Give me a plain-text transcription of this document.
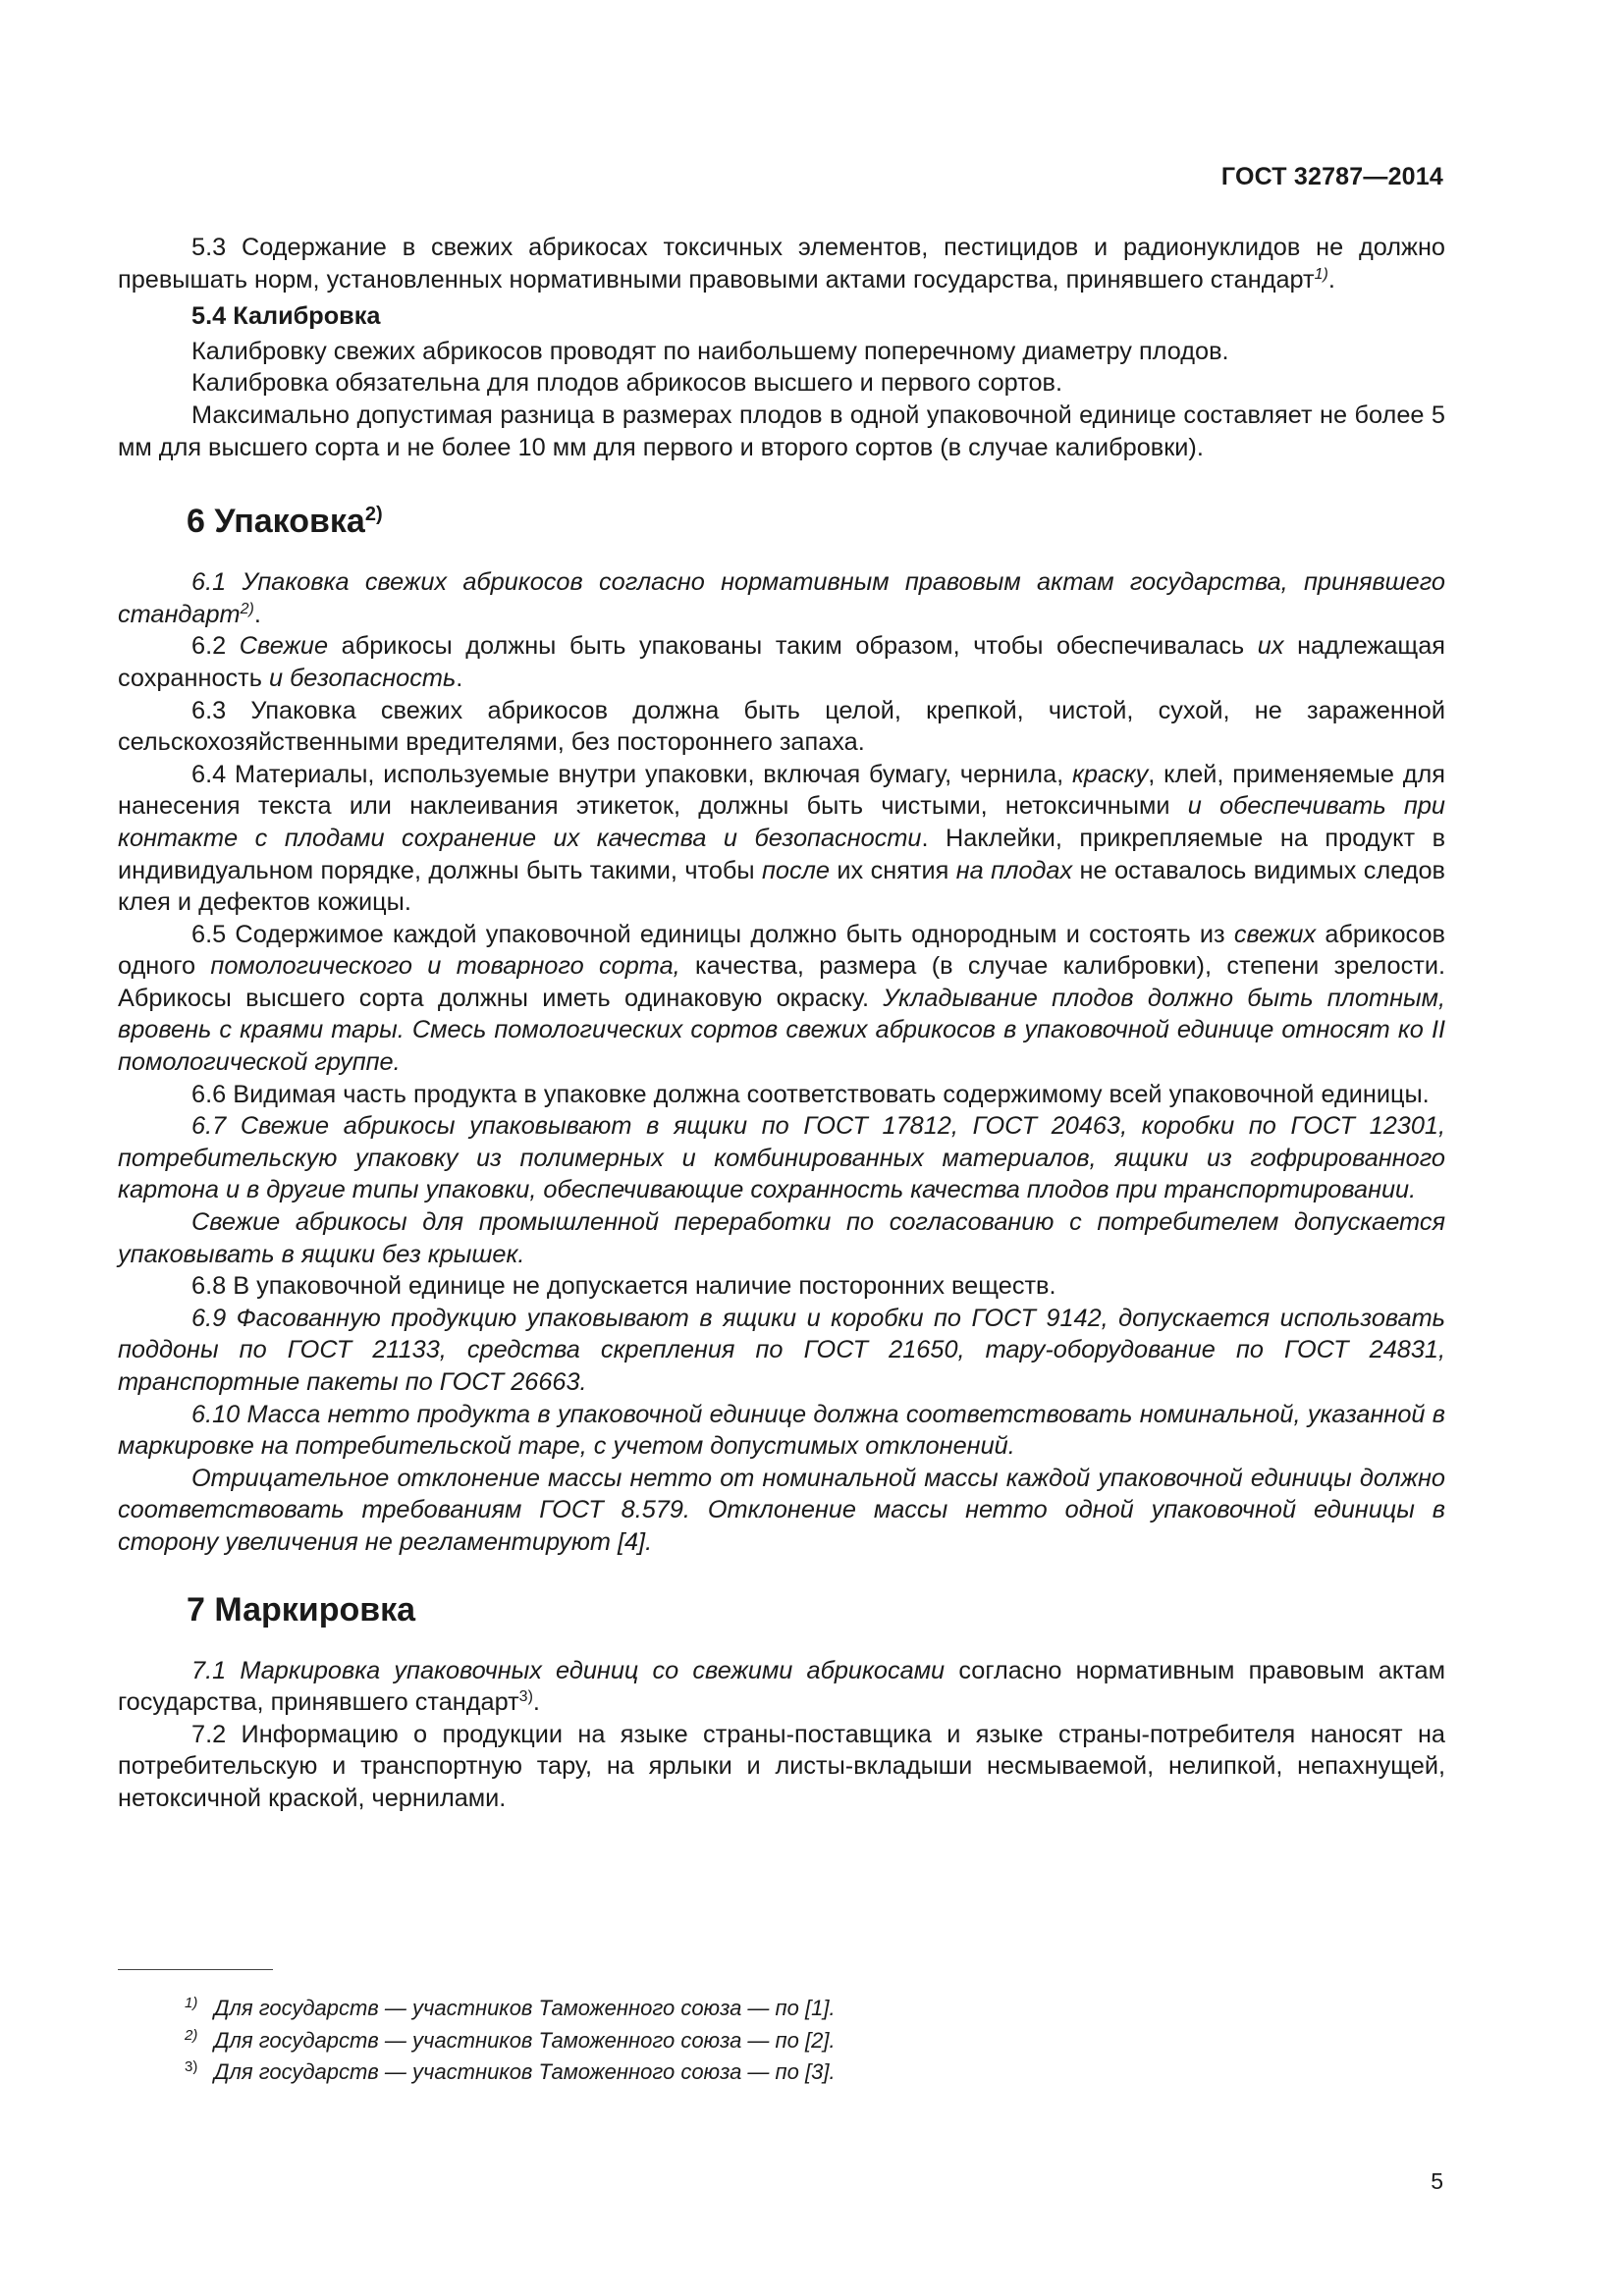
ГОСТ 32787—2014

5.3 Содержание в свежих абрикосах токсичных элементов, пестицидов и радионуклидов не должно превышать норм, установленных нормативными правовыми актами государства, принявшего стандарт$^{1)}$.

5.4 Калибровка

Калибровку свежих абрикосов проводят по наибольшему поперечному диаметру плодов.

Калибровка обязательна для плодов абрикосов высшего и первого сортов.

Максимально допустимая разница в размерах плодов в одной упаковочной единице составляет не более 5 мм для высшего сорта и не более 10 мм для первого и второго сортов (в случае калибровки).

6 Упаковка$^{2)}$

6.1 Упаковка свежих абрикосов согласно нормативным правовым актам государства, принявшего стандарт$^{2)}$.

6.2 Свежие абрикосы должны быть упакованы таким образом, чтобы обеспечивалась их надлежащая сохранность и безопасность.

6.3 Упаковка свежих абрикосов должна быть целой, крепкой, чистой, сухой, не зараженной сельскохозяйственными вредителями, без постороннего запаха.

6.4 Материалы, используемые внутри упаковки, включая бумагу, чернила, краску, клей, применяемые для нанесения текста или наклеивания этикеток, должны быть чистыми, нетоксичными и обеспечивать при контакте с плодами сохранение их качества и безопасности. Наклейки, прикрепляемые на продукт в индивидуальном порядке, должны быть такими, чтобы после их снятия на плодах не оставалось видимых следов клея и дефектов кожицы.

6.5 Содержимое каждой упаковочной единицы должно быть однородным и состоять из свежих абрикосов одного помологического и товарного сорта, качества, размера (в случае калибровки), степени зрелости. Абрикосы высшего сорта должны иметь одинаковую окраску. Укладывание плодов должно быть плотным, вровень с краями тары. Смесь помологических сортов свежих абрикосов в упаковочной единице относят ко II помологической группе.

6.6 Видимая часть продукта в упаковке должна соответствовать содержимому всей упаковочной единицы.

6.7 Свежие абрикосы упаковывают в ящики по ГОСТ 17812, ГОСТ 20463, коробки по ГОСТ 12301, потребительскую упаковку из полимерных и комбинированных материалов, ящики из гофрированного картона и в другие типы упаковки, обеспечивающие сохранность качества плодов при транспортировании.

Свежие абрикосы для промышленной переработки по согласованию с потребителем допускается упаковывать в ящики без крышек.

6.8 В упаковочной единице не допускается наличие посторонних веществ.

6.9 Фасованную продукцию упаковывают в ящики и коробки по ГОСТ 9142, допускается использовать поддоны по ГОСТ 21133, средства скрепления по ГОСТ 21650, тару-оборудование по ГОСТ 24831, транспортные пакеты по ГОСТ 26663.

6.10 Масса нетто продукта в упаковочной единице должна соответствовать номинальной, указанной в маркировке на потребительской таре, с учетом допустимых отклонений.

Отрицательное отклонение массы нетто от номинальной массы каждой упаковочной единицы должно соответствовать требованиям ГОСТ 8.579. Отклонение массы нетто одной упаковочной единицы в сторону увеличения не регламентируют [4].

7 Маркировка

7.1 Маркировка упаковочных единиц со свежими абрикосами согласно нормативным правовым актам государства, принявшего стандарт$^{3)}$.

7.2 Информацию о продукции на языке страны-поставщика и языке страны-потребителя наносят на потребительскую и транспортную тару, на ярлыки и листы-вкладыши несмываемой, нелипкой, непахнущей, нетоксичной краской, чернилами.

1) Для государств — участников Таможенного союза — по [1].
2) Для государств — участников Таможенного союза — по [2].
3) Для государств — участников Таможенного союза — по [3].
5
